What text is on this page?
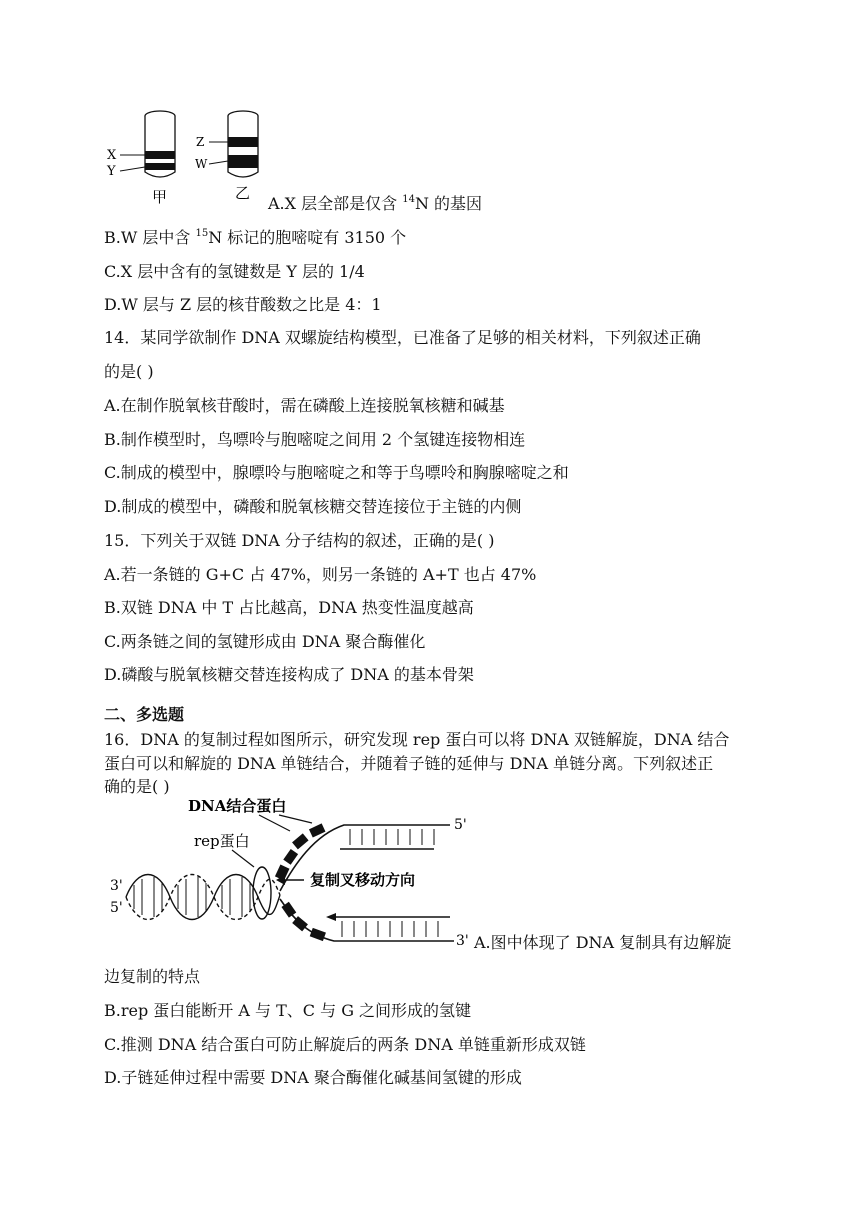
X
Y
甲
Z
W
乙
A.X 层全部是仅含 $^{14}$N 的基因
B.W 层中含 $^{15}$N 标记的胞嘧啶有 3150 个
C.X 层中含有的氢键数是 Y 层的 1/4
D.W 层与 Z 层的核苷酸数之比是 4：1
14．某同学欲制作 DNA 双螺旋结构模型，已准备了足够的相关材料，下列叙述正确
的是( )
A.在制作脱氧核苷酸时，需在磷酸上连接脱氧核糖和碱基
B.制作模型时，鸟嘌呤与胞嘧啶之间用 2 个氢键连接物相连
C.制成的模型中，腺嘌呤与胞嘧啶之和等于鸟嘌呤和胸腺嘧啶之和
D.制成的模型中，磷酸和脱氧核糖交替连接位于主链的内侧
15．下列关于双链 DNA 分子结构的叙述，正确的是( )
A.若一条链的 G+C 占 47%，则另一条链的 A+T 也占 47%
B.双链 DNA 中 T 占比越高，DNA 热变性温度越高
C.两条链之间的氢键形成由 DNA 聚合酶催化
D.磷酸与脱氧核糖交替连接构成了 DNA 的基本骨架
二、多选题
16．DNA 的复制过程如图所示，研究发现 rep 蛋白可以将 DNA 双链解旋，DNA 结合
蛋白可以和解旋的 DNA 单链结合，并随着子链的延伸与 DNA 单链分离。下列叙述正
确的是( )
DNA结合蛋白
rep蛋白
复制叉移动方向
3'
5'
5'
3' A.图中体现了 DNA 复制具有边解旋
边复制的特点
B.rep 蛋白能断开 A 与 T、C 与 G 之间形成的氢键
C.推测 DNA 结合蛋白可防止解旋后的两条 DNA 单链重新形成双链
D.子链延伸过程中需要 DNA 聚合酶催化碱基间氢键的形成
